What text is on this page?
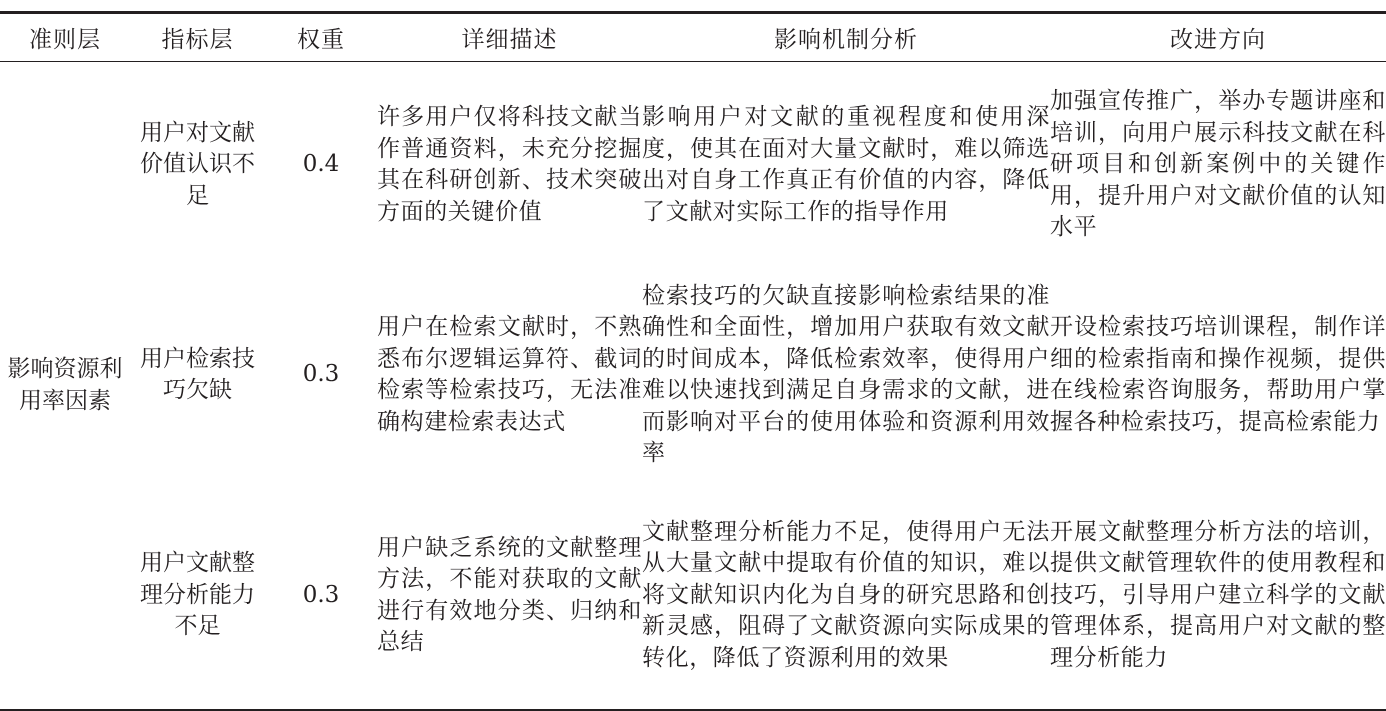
准则层	指标层	权重	详细描述	影响机制分析	改进方向
影响资源利用率因素	用户对文献价值认识不足	0.4	许多用户仅将科技文献当作普通资料，未充分挖掘其在科研创新、技术突破方面的关键价值	影响用户对文献的重视程度和使用深度，使其在面对大量文献时，难以筛选出对自身工作真正有价值的内容，降低了文献对实际工作的指导作用	加强宣传推广，举办专题讲座和培训，向用户展示科技文献在科研项目和创新案例中的关键作用，提升用户对文献价值的认知水平
	用户检索技巧欠缺	0.3	用户在检索文献时，不熟悉布尔逻辑运算符、截词检索等检索技巧，无法准确构建检索表达式	检索技巧的欠缺直接影响检索结果的准确性和全面性，增加用户获取有效文献的时间成本，降低检索效率，使得用户难以快速找到满足自身需求的文献，进而影响对平台的使用体验和资源利用效率	开设检索技巧培训课程，制作详细的检索指南和操作视频，提供在线检索咨询服务，帮助用户掌握各种检索技巧，提高检索能力
	用户文献整理分析能力不足	0.3	用户缺乏系统的文献整理方法，不能对获取的文献进行有效地分类、归纳和总结	文献整理分析能力不足，使得用户无法从大量文献中提取有价值的知识，难以将文献知识内化为自身的研究思路和创新灵感，阻碍了文献资源向实际成果的转化，降低了资源利用的效果	开展文献整理分析方法的培训，提供文献管理软件的使用教程和技巧，引导用户建立科学的文献管理体系，提高用户对文献的整理分析能力
